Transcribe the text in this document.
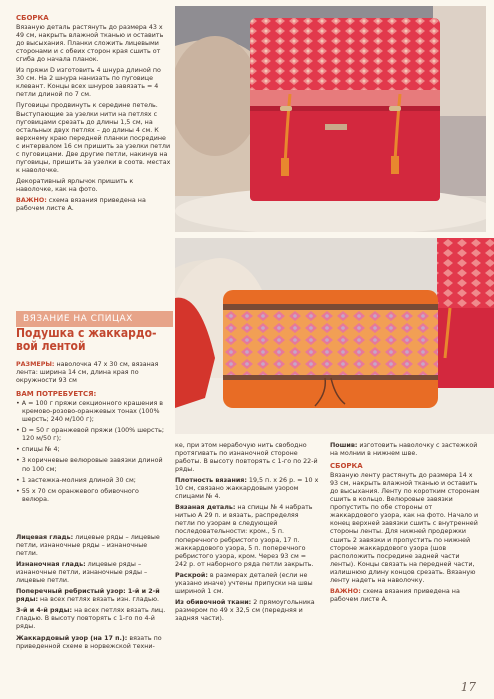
СБОРКА

Вязаную деталь растянуть до размера 43 х 49 см, накрыть влажной тканью и оставить до высыхания. Планки сложить лицевыми сторонами и с обеих сторон края сшить от сгиба до начала планок.

Из пряжи D изготовить 4 шнура длиной по 30 см. На 2 шнура нанизать по пуговице клевант. Концы всех шнуров завязать = 4 петли длиной по 7 см.

Пуговицы продвинуть к середине петель. Выступающие за узелки нити на петлях с пуговицами срезать до длины 1,5 см, на остальных двух петлях – до длины 4 см. К верхнему краю передней планки посредине с интервалом 16 см пришить за узелки петли с пуговицами. Две другие петли, накинув на пуговицы, пришить за узелки в соотв. местах к наволочке.

Декоративный ярлычок пришить к наволочке, как на фото.

ВАЖНО: схема вязания приведена на рабочем листе А.

ВЯЗАНИЕ НА СПИЦАХ
Подушка с жаккардо-вой лентой

РАЗМЕРЫ: наволочка 47 х 30 см, вязаная лента: ширина 14 см, длина края по окружности 93 см

ВАМ ПОТРЕБУЕТСЯ:

• А = 100 г пряжи секционного крашения в кремово-розово-оранжевых тонах (100% шерсть; 240 м/100 г);

• D = 50 г оранжевой пряжи (100% шерсть; 120 м/50 г);

• спицы № 4;

• 3 коричневые велюровые завязки длиной по 100 см;

• 1 застежка-молния длиной 30 см;

• 55 х 70 см оранжевого обивочного велюра.

Лицевая гладь: лицевые ряды – лицевые петли, изнаночные ряды – изнаночные петли.

Изнаночная гладь: лицевые ряды – изнаночные петли, изнаночные ряды – лицевые петли.

Поперечный ребристый узор: 1-й и 2-й ряды: на всех петлях вязать изн. гладью.

3-й и 4-й ряды: на всех петлях вязать лиц. гладью. В высоту повторять с 1-го по 4-й ряды.

Жаккардовый узор (на 17 п.): вязать по приведенной схеме в норвежской техни-

ке, при этом нерабочую нить свободно протягивать по изнаночной стороне работы. В высоту повторять с 1-го по 22-й ряды.

Плотность вязания: 19,5 п. х 26 р. = 10 х 10 см, связано жаккардовым узором спицами № 4.

Вязаная деталь: на спицы № 4 набрать нитью А 29 п. и вязать, распределяя петли по узорам в следующей последовательности: кром., 5 п. поперечного ребристого узора, 17 п. жаккардового узора, 5 п. поперечного ребристого узора, кром. Через 93 см = 242 р. от наборного ряда петли закрыть.

Раскрой: в размерах деталей (если не указано иначе) учтены припуски на швы шириной 1 см.

Из обивочной ткани: 2 прямоугольника размером по 49 х 32,5 см (передняя и задняя части).

Пошив: изготовить наволочку с застежкой на молнии в нижнем шве.

СБОРКА

Вязаную ленту растянуть до размера 14 х 93 см, накрыть влажной тканью и оставить до высыхания. Ленту по коротким сторонам сшить в кольцо. Велюровые завязки пропустить по обе стороны от жаккардового узора, как на фото. Начало и конец верхней завязки сшить с внутренней стороны ленты. Для нижней продержки сшить 2 завязки и пропустить по нижней стороне жаккардового узора (шов расположить посредине задней части ленты). Концы связать на передней части, излишнюю длину концов срезать. Вязаную ленту надеть на наволочку.

ВАЖНО: схема вязания приведена на рабочем листе А.

17
